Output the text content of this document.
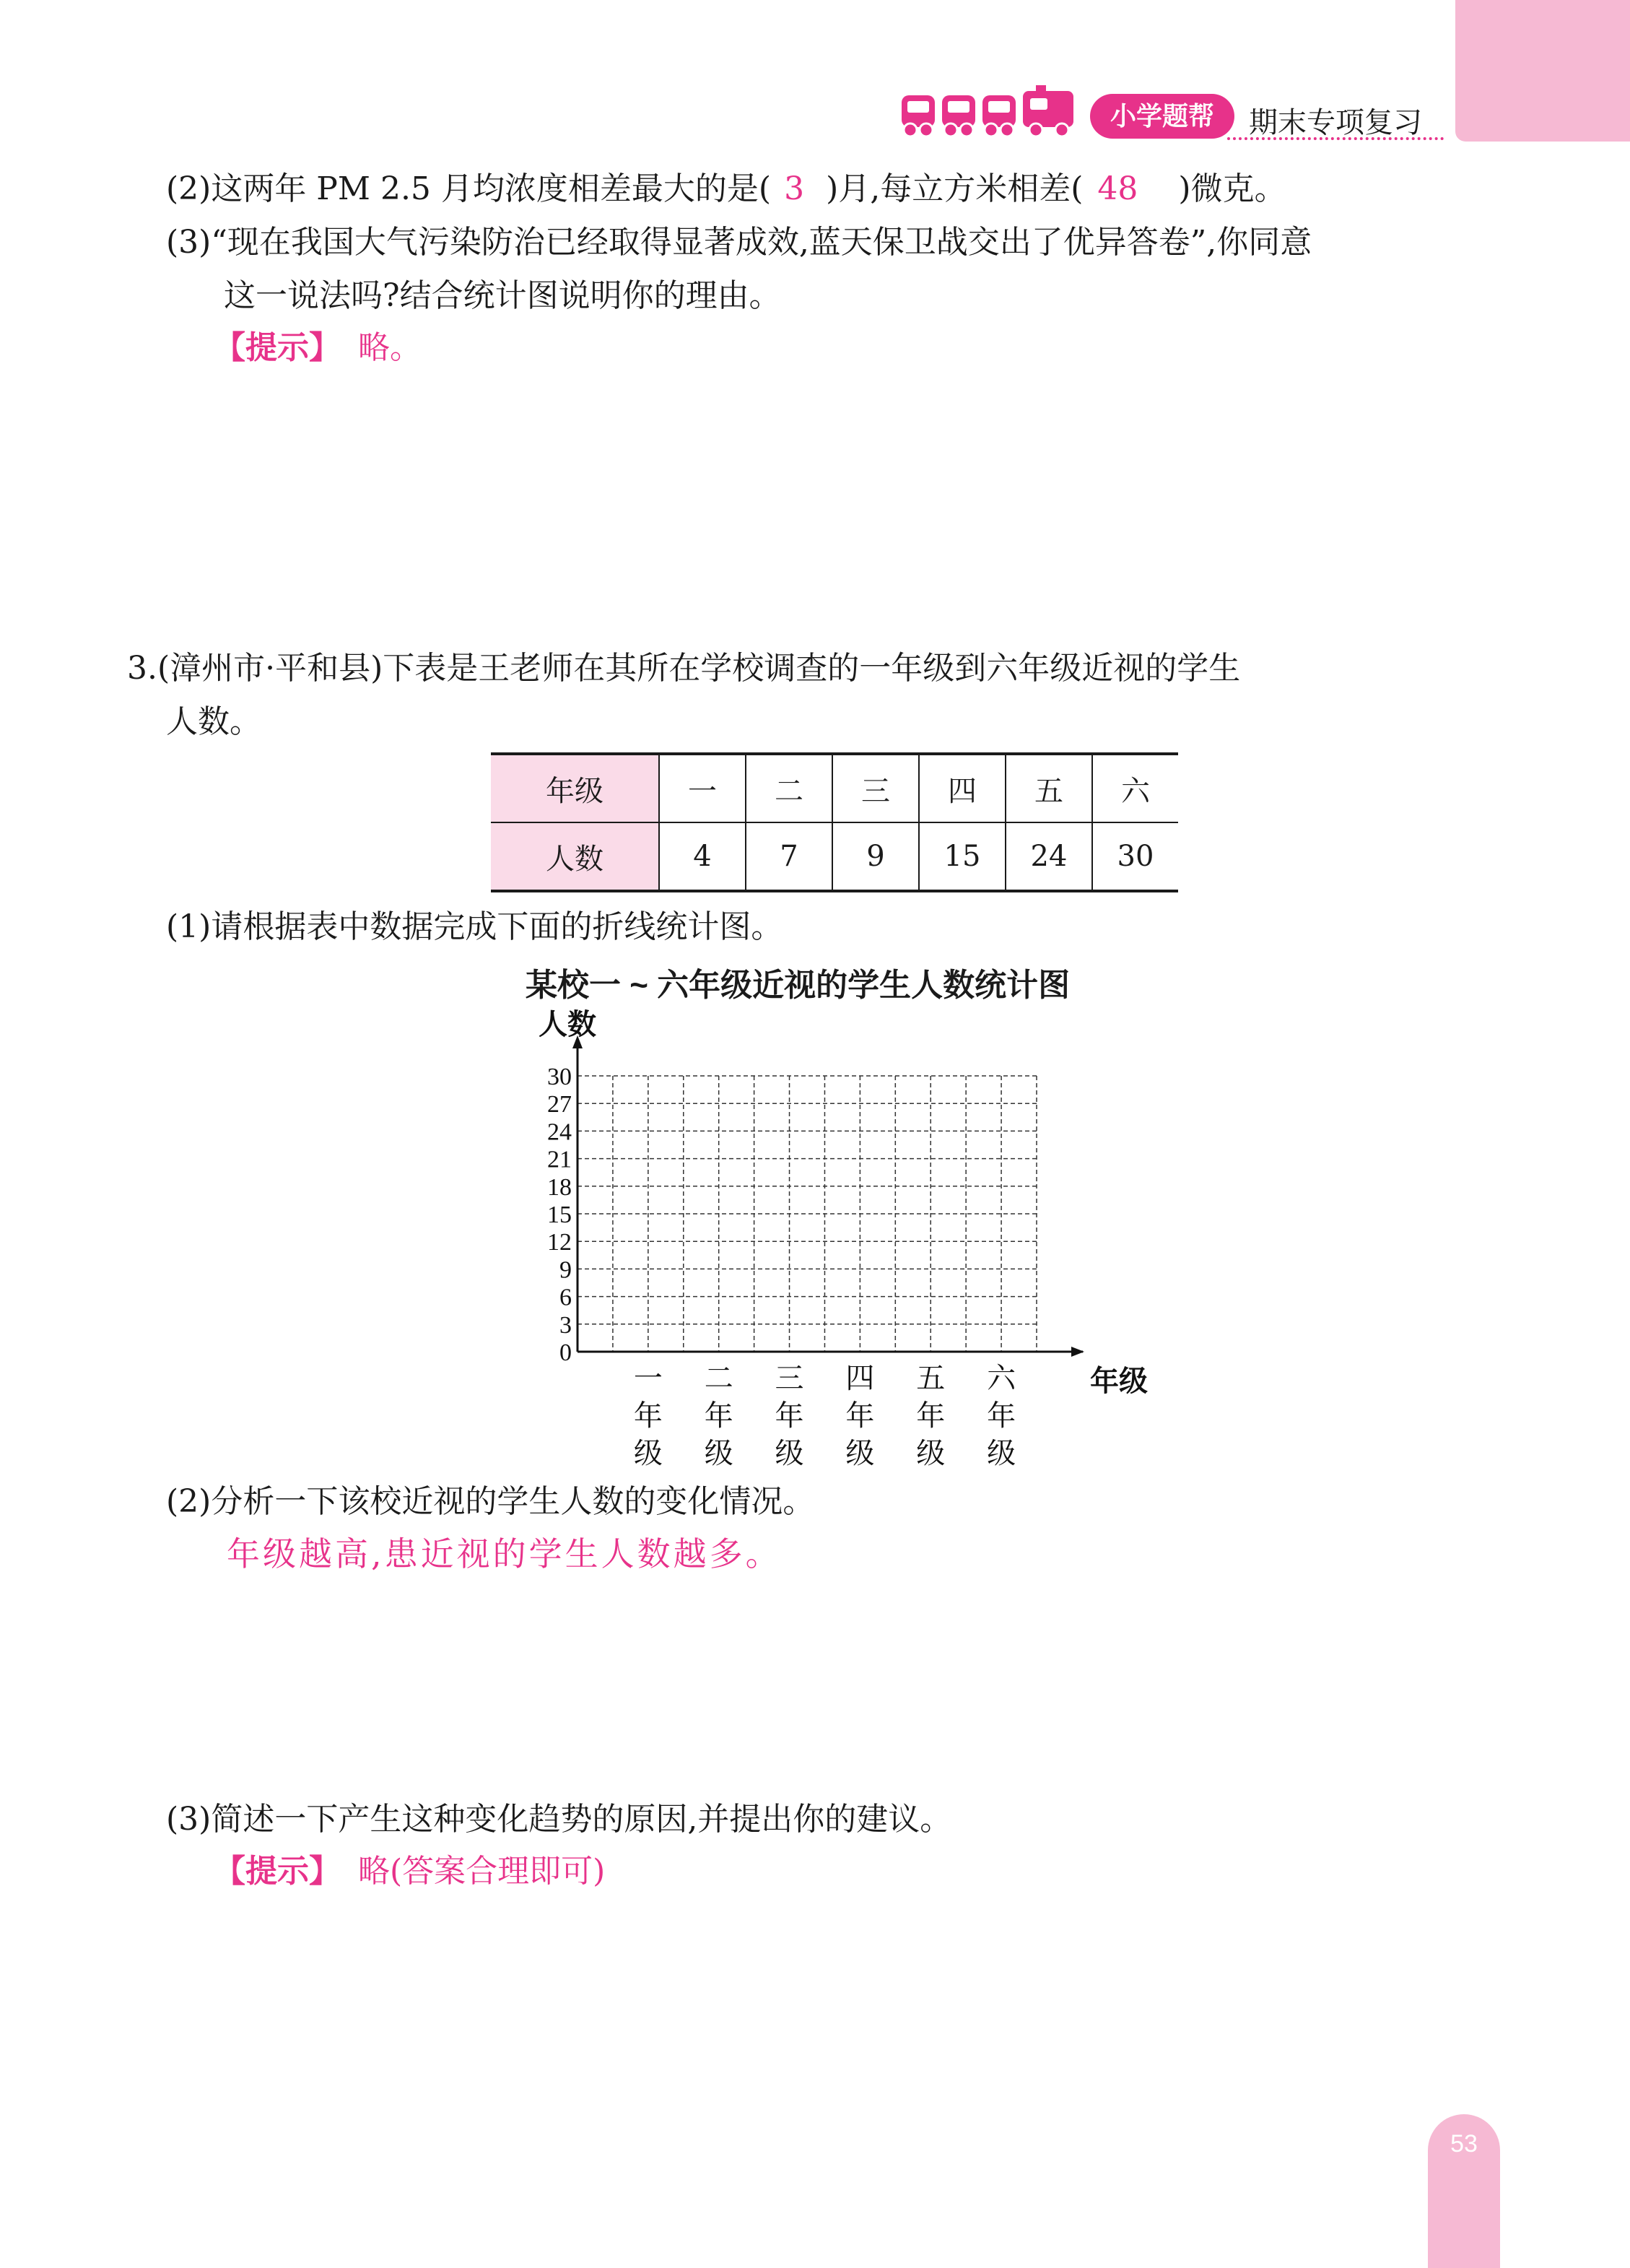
小学题帮	期末专项复习
(2)这两年 PM 2.5 月均浓度相差最大的是( 3 )月,每立方米相差( 48 )微克。
(3)“现在我国大气污染防治已经取得显著成效,蓝天保卫战交出了优异答卷”,你同意
这一说法吗?结合统计图说明你的理由。
【提示】 略。
3.(漳州市·平和县)下表是王老师在其所在学校调查的一年级到六年级近视的学生
人数。
年级	一	二	三	四	五	六
人数	4	7	9	15	24	30
(1)请根据表中数据完成下面的折线统计图。
某校一 ~ 六年级近视的学生人数统计图
0
3
6
9
12
15
18
21
24
27
30
人数
年级
一
年
级
二
年
级
三
年
级
四
年
级
五
年
级
六
年
级
(2)分析一下该校近视的学生人数的变化情况。
年级越高,患近视的学生人数越多。
(3)简述一下产生这种变化趋势的原因,并提出你的建议。
【提示】 略(答案合理即可)
53
